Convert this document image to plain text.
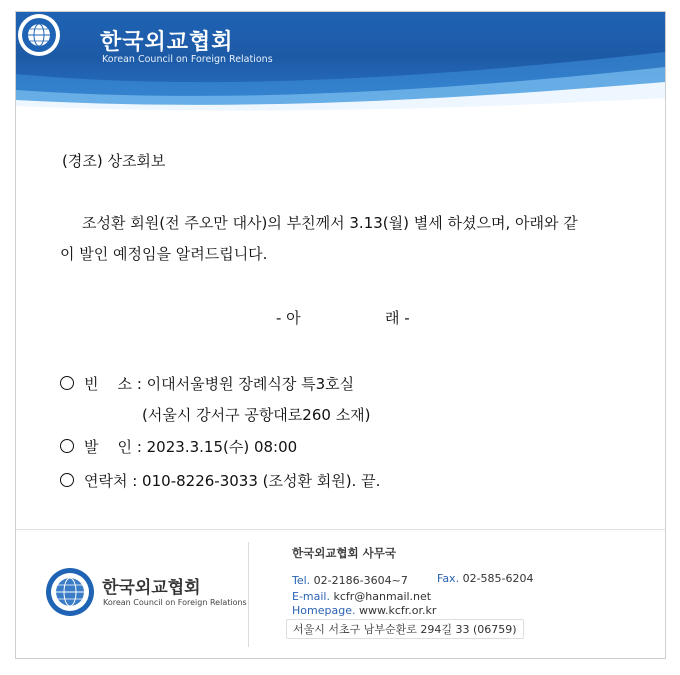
한국외교협회
Korean Council on Foreign Relations
(경조) 상조회보
조성환 회원(전 주오만 대사)의 부친께서 3.13(월) 별세 하셨으며, 아래와 같
이 발인 예정임을 알려드립니다.
- 아	래 -
빈    소 : 이대서울병원 장례식장 특3호실
(서울시 강서구 공항대로260 소재)
발    인 : 2023.3.15(수) 08:00
연락처 : 010-8226-3033 (조성환 회원). 끝.
한국외교협회
Korean Council on Foreign Relations
한국외교협회 사무국
Tel. 02-2186-3604~7	Fax. 02-585-6204
E-mail. kcfr@hanmail.net
Homepage. www.kcfr.or.kr
서울시 서초구 남부순환로 294길 33 (06759)
